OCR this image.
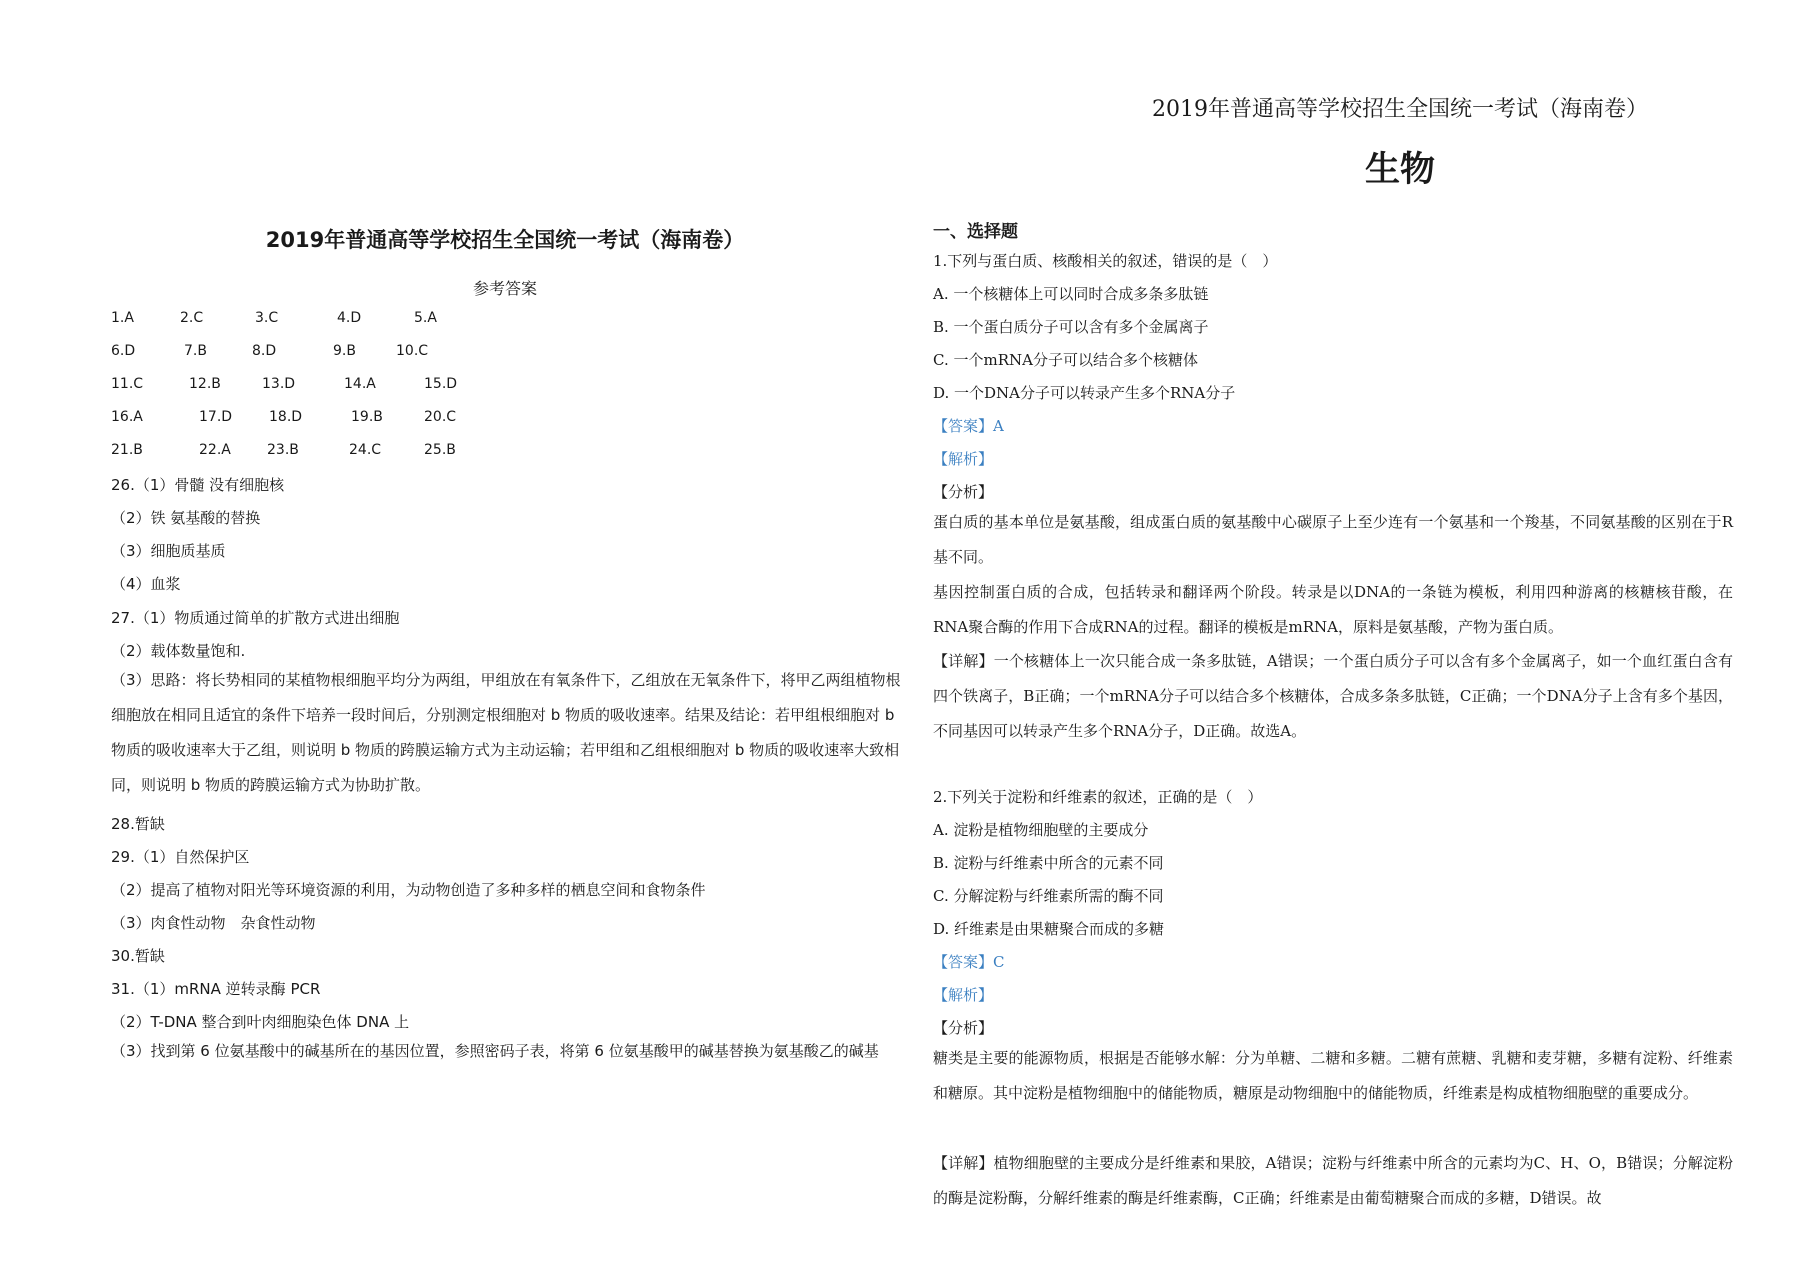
2019年普通高等学校招生全国统一考试（海南卷）
参考答案
1.A	2.C	3.C	4.D	5.A
6.D	7.B	8.D	9.B	10.C
11.C	12.B	13.D	14.A	15.D
16.A	17.D	18.D	19.B	20.C
21.B	22.A	23.B	24.C	25.B
26.（1）骨髓 没有细胞核
（2）铁 氨基酸的替换
（3）细胞质基质
（4）血浆
27.（1）物质通过简单的扩散方式进出细胞
（2）载体数量饱和.
（3）思路：将长势相同的某植物根细胞平均分为两组，甲组放在有氧条件下，乙组放在无氧条件下，将甲乙两组植物根细胞放在相同且适宜的条件下培养一段时间后，分别测定根细胞对 b 物质的吸收速率。结果及结论：若甲组根细胞对 b 物质的吸收速率大于乙组，则说明 b 物质的跨膜运输方式为主动运输；若甲组和乙组根细胞对 b 物质的吸收速率大致相同，则说明 b 物质的跨膜运输方式为协助扩散。
28.暂缺
29.（1）自然保护区
（2）提高了植物对阳光等环境资源的利用，为动物创造了多种多样的栖息空间和食物条件
（3）肉食性动物　杂食性动物
30.暂缺
31.（1）mRNA 逆转录酶 PCR
（2）T-DNA 整合到叶肉细胞染色体 DNA 上
（3）找到第 6 位氨基酸中的碱基所在的基因位置，参照密码子表，将第 6 位氨基酸甲的碱基替换为氨基酸乙的碱基
2019年普通高等学校招生全国统一考试（海南卷）
生物
一、选择题
1.下列与蛋白质、核酸相关的叙述，错误的是（　）
A. 一个核糖体上可以同时合成多条多肽链
B. 一个蛋白质分子可以含有多个金属离子
C. 一个mRNA分子可以结合多个核糖体
D. 一个DNA分子可以转录产生多个RNA分子
【答案】A
【解析】
【分析】
蛋白质的基本单位是氨基酸，组成蛋白质的氨基酸中心碳原子上至少连有一个氨基和一个羧基，不同氨基酸的区别在于R基不同。
基因控制蛋白质的合成，包括转录和翻译两个阶段。转录是以DNA的一条链为模板，利用四种游离的核糖核苷酸，在RNA聚合酶的作用下合成RNA的过程。翻译的模板是mRNA，原料是氨基酸，产物为蛋白质。
【详解】一个核糖体上一次只能合成一条多肽链，A错误；一个蛋白质分子可以含有多个金属离子，如一个血红蛋白含有四个铁离子，B正确；一个mRNA分子可以结合多个核糖体，合成多条多肽链，C正确；一个DNA分子上含有多个基因，不同基因可以转录产生多个RNA分子，D正确。故选A。
2.下列关于淀粉和纤维素的叙述，正确的是（　）
A. 淀粉是植物细胞壁的主要成分
B. 淀粉与纤维素中所含的元素不同
C. 分解淀粉与纤维素所需的酶不同
D. 纤维素是由果糖聚合而成的多糖
【答案】C
【解析】
【分析】
糖类是主要的能源物质，根据是否能够水解：分为单糖、二糖和多糖。二糖有蔗糖、乳糖和麦芽糖，多糖有淀粉、纤维素和糖原。其中淀粉是植物细胞中的储能物质，糖原是动物细胞中的储能物质，纤维素是构成植物细胞壁的重要成分。
【详解】植物细胞壁的主要成分是纤维素和果胶，A错误；淀粉与纤维素中所含的元素均为C、H、O，B错误；分解淀粉的酶是淀粉酶，分解纤维素的酶是纤维素酶，C正确；纤维素是由葡萄糖聚合而成的多糖，D错误。故
